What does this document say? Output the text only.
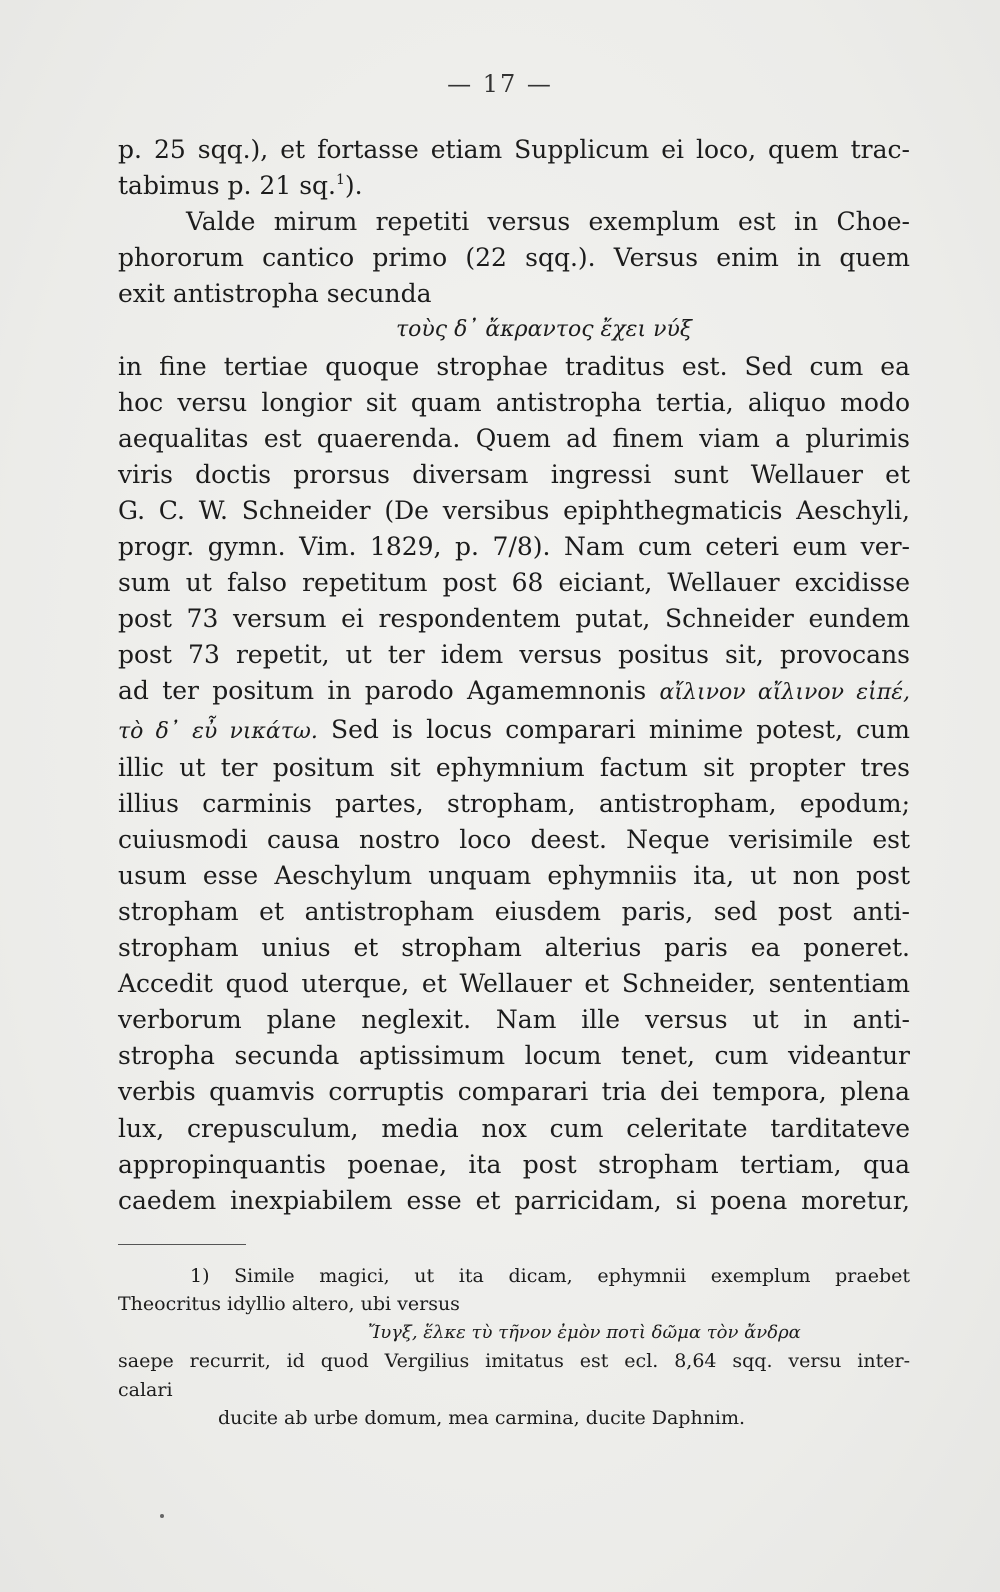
— 17 —
p. 25 sqq.), et fortasse etiam Supplicum ei loco, quem trac-
tabimus p. 21 sq.$^1$).
Valde mirum repetiti versus exemplum est in Choe-
phororum cantico primo (22 sqq.). Versus enim in quem
exit antistropha secunda
τοὺς δ᾽ ἄκραντος ἔχει νύξ
in fine tertiae quoque strophae traditus est. Sed cum ea
hoc versu longior sit quam antistropha tertia, aliquo modo
aequalitas est quaerenda. Quem ad finem viam a plurimis
viris doctis prorsus diversam ingressi sunt Wellauer et
G. C. W. Schneider (De versibus epiphthegmaticis Aeschyli,
progr. gymn. Vim. 1829, p. 7/8). Nam cum ceteri eum ver-
sum ut falso repetitum post 68 eiciant, Wellauer excidisse
post 73 versum ei respondentem putat, Schneider eundem
post 73 repetit, ut ter idem versus positus sit, provocans
ad ter positum in parodo Agamemnonis αἴλινον αἴλινον εἰπέ,
τὸ δ᾽ εὖ νικάτω. Sed is locus comparari minime potest, cum
illic ut ter positum sit ephymnium factum sit propter tres
illius carminis partes, stropham, antistropham, epodum;
cuiusmodi causa nostro loco deest. Neque verisimile est
usum esse Aeschylum unquam ephymniis ita, ut non post
stropham et antistropham eiusdem paris, sed post anti-
stropham unius et stropham alterius paris ea poneret.
Accedit quod uterque, et Wellauer et Schneider, sententiam
verborum plane neglexit. Nam ille versus ut in anti-
stropha secunda aptissimum locum tenet, cum videantur
verbis quamvis corruptis comparari tria dei tempora, plena
lux, crepusculum, media nox cum celeritate tarditateve
appropinquantis poenae, ita post stropham tertiam, qua
caedem inexpiabilem esse et parricidam, si poena moretur,
1) Simile magici, ut ita dicam, ephymnii exemplum praebet
Theocritus idyllio altero, ubi versus
Ἴυγξ, ἕλκε τὺ τῆνον ἐμὸν ποτὶ δῶμα τὸν ἄνδρα
saepe recurrit, id quod Vergilius imitatus est ecl. 8,64 sqq. versu inter-
calari
ducite ab urbe domum, mea carmina, ducite Daphnim.
